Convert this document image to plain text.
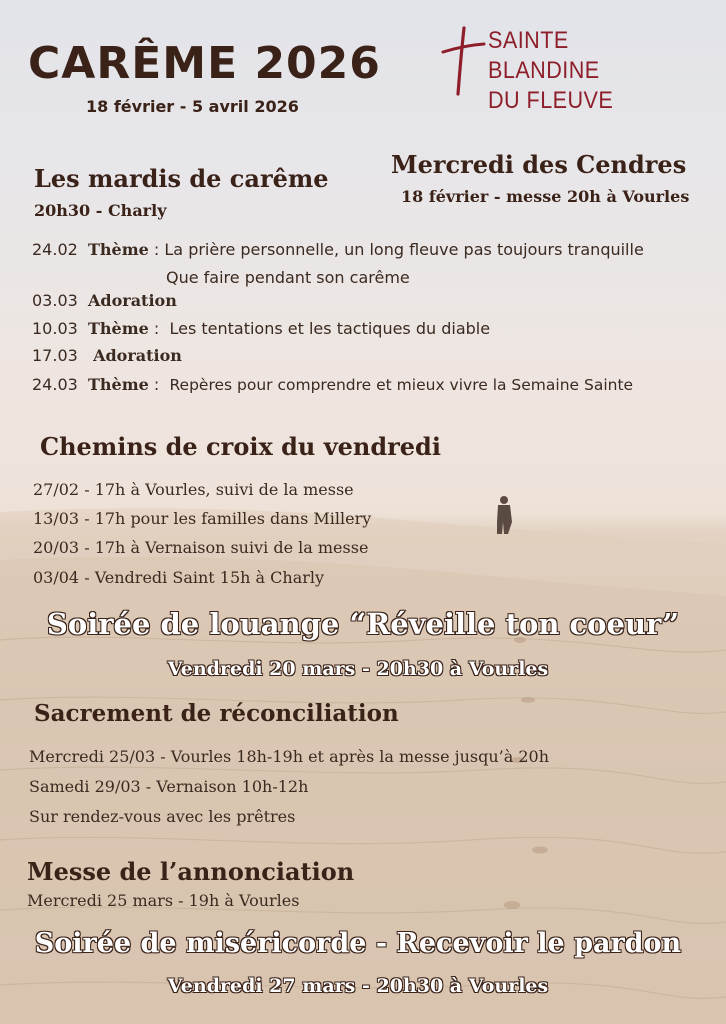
CARÊME 2026
18 février - 5 avril 2026
SAINTE
BLANDINE
DU FLEUVE
Les mardis de carême
20h30 - Charly
Mercredi des Cendres
18 février - messe 20h à Vourles
24.02 Thème : La prière personnelle, un long fleuve pas toujours tranquille
Que faire pendant son carême
03.03 Adoration
10.03 Thème : Les tentations et les tactiques du diable
17.03 Adoration
24.03 Thème : Repères pour comprendre et mieux vivre la Semaine Sainte
Chemins de croix du vendredi
27/02 - 17h à Vourles, suivi de la messe
13/03 - 17h pour les familles dans Millery
20/03 - 17h à Vernaison suivi de la messe
03/04 - Vendredi Saint 15h à Charly
Soirée de louange “Réveille ton coeur”
Vendredi 20 mars - 20h30 à Vourles
Sacrement de réconciliation
Mercredi 25/03 - Vourles 18h-19h et après la messe jusqu’à 20h
Samedi 29/03 - Vernaison 10h-12h
Sur rendez-vous avec les prêtres
Messe de l’annonciation
Mercredi 25 mars - 19h à Vourles
Soirée de miséricorde - Recevoir le pardon
Vendredi 27 mars - 20h30 à Vourles
